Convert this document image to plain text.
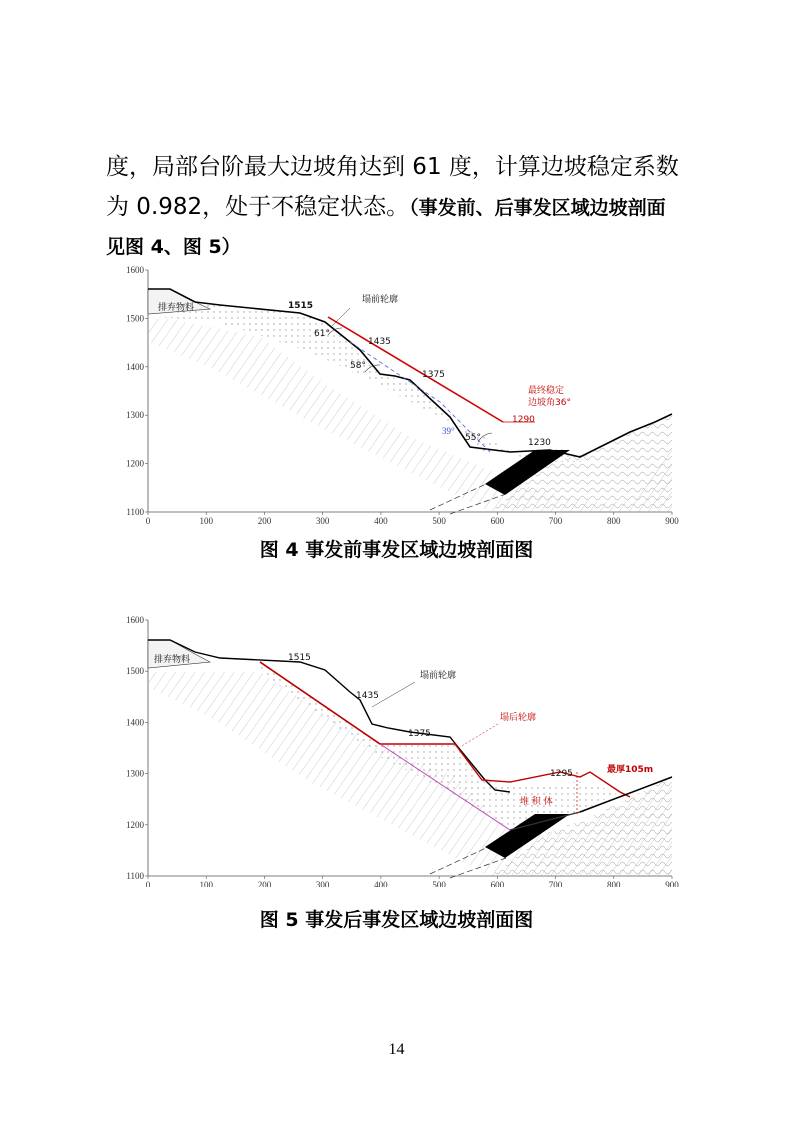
度，局部台阶最大边坡角达到 61 度，计算边坡稳定系数
为 0.982，处于不稳定状态。（事发前、后事发区域边坡剖面
见图 4、图 5）
0	100	200	300	400	500	600	700	800	900
1100
1200
1300
1400
1500
1600
排弃物料	1515
塌前轮廓
1435
1375
1290
1230
61°
58°
55°
39°
最终稳定
边坡角36°
图 4 事发前事发区域边坡剖面图
0	100	200	300	400	500	600	700	800	900
1100
1200
1300
1400
1500
1600
排弃物料	1515
1435
1375
1295
塌前轮廓
塌后轮廓
最厚105m
堆 积 体
图 5 事发后事发区域边坡剖面图
14
